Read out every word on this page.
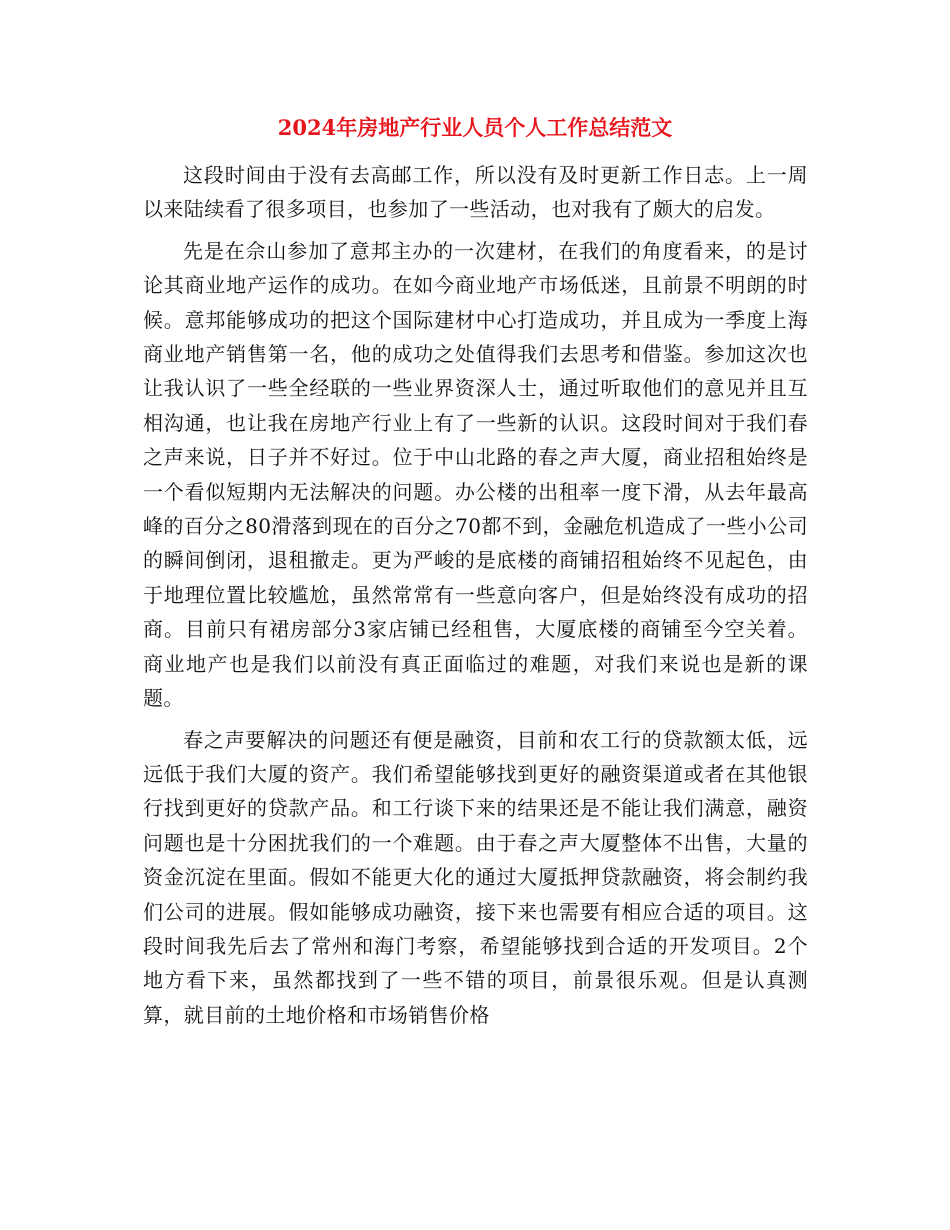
2024年房地产行业人员个人工作总结范文

这段时间由于没有去高邮工作，所以没有及时更新工作日志。上一周以来陆续看了很多项目，也参加了一些活动，也对我有了颇大的启发。

先是在佘山参加了意邦主办的一次建材，在我们的角度看来，的是讨论其商业地产运作的成功。在如今商业地产市场低迷，且前景不明朗的时候。意邦能够成功的把这个国际建材中心打造成功，并且成为一季度上海商业地产销售第一名，他的成功之处值得我们去思考和借鉴。参加这次也让我认识了一些全经联的一些业界资深人士，通过听取他们的意见并且互相沟通，也让我在房地产行业上有了一些新的认识。这段时间对于我们春之声来说，日子并不好过。位于中山北路的春之声大厦，商业招租始终是一个看似短期内无法解决的问题。办公楼的出租率一度下滑，从去年最高峰的百分之80滑落到现在的百分之70都不到，金融危机造成了一些小公司的瞬间倒闭，退租撤走。更为严峻的是底楼的商铺招租始终不见起色，由于地理位置比较尴尬，虽然常常有一些意向客户，但是始终没有成功的招商。目前只有裙房部分3家店铺已经租售，大厦底楼的商铺至今空关着。商业地产也是我们以前没有真正面临过的难题，对我们来说也是新的课题。

春之声要解决的问题还有便是融资，目前和农工行的贷款额太低，远远低于我们大厦的资产。我们希望能够找到更好的融资渠道或者在其他银行找到更好的贷款产品。和工行谈下来的结果还是不能让我们满意，融资问题也是十分困扰我们的一个难题。由于春之声大厦整体不出售，大量的资金沉淀在里面。假如不能更大化的通过大厦抵押贷款融资，将会制约我们公司的进展。假如能够成功融资，接下来也需要有相应合适的项目。这段时间我先后去了常州和海门考察，希望能够找到合适的开发项目。2个地方看下来，虽然都找到了一些不错的项目，前景很乐观。但是认真测算，就目前的土地价格和市场销售价格
